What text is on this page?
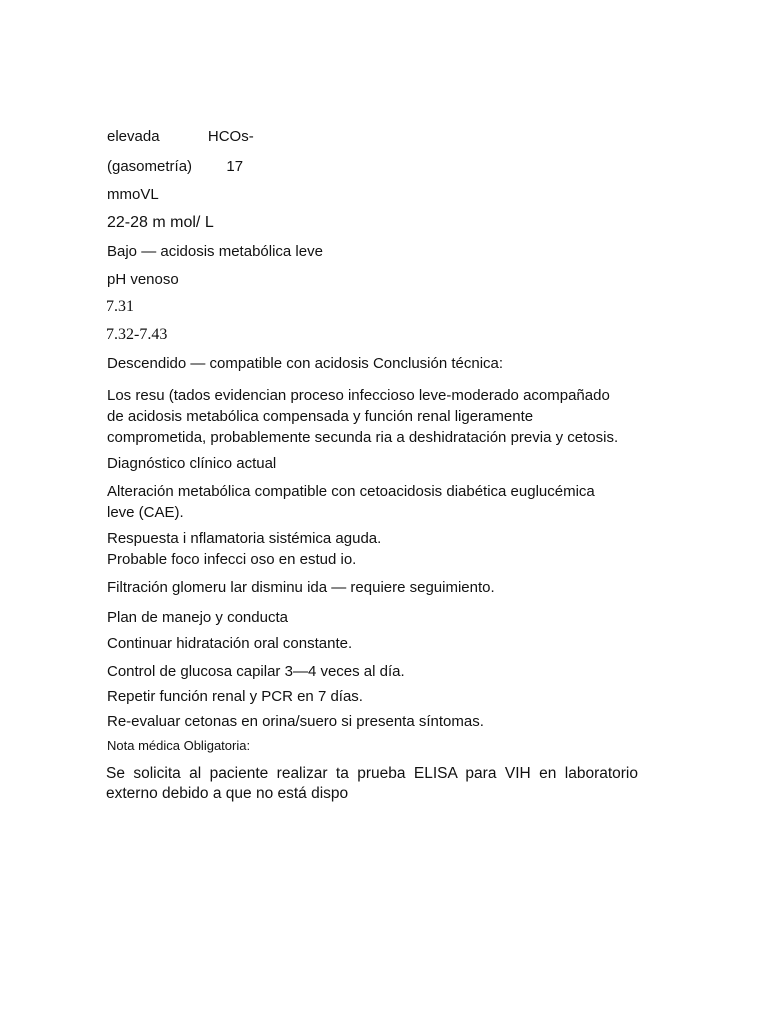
elevada	HCOs-
(gasometría) 17
mmoVL
22-28 m mol/ L
Bajo — acidosis metabólica leve
pH venoso
7.31
7.32-7.43
Descendido — compatible con acidosis Conclusión técnica:
Los resu (tados evidencian proceso infeccioso leve-moderado acompañado
de acidosis metabólica compensada y función renal ligeramente
comprometida, probablemente secunda ria a deshidratación previa y cetosis.
Diagnóstico clínico actual
Alteración metabólica compatible con cetoacidosis diabética euglucémica
leve (CAE).
Respuesta i nflamatoria sistémica aguda.
Probable foco infecci oso en estud io.
Filtración glomeru lar disminu ida — requiere seguimiento.
Plan de manejo y conducta
Continuar hidratación oral constante.
Control de glucosa capilar 3—4 veces al día.
Repetir función renal y PCR en 7 días.
Re-evaluar cetonas en orina/suero si presenta síntomas.
Nota médica Obligatoria:
Se solicita al paciente realizar ta prueba ELISA para VIH en laboratorio
externo debido a que no está dispo
